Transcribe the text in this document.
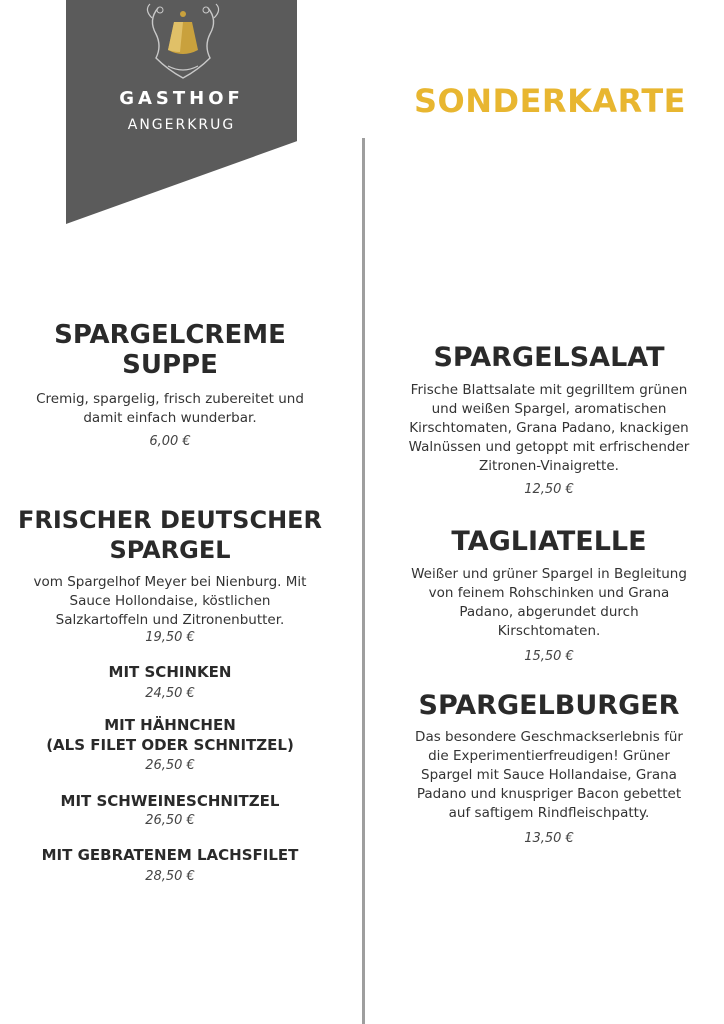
GASTHOF
ANGERKRUG
SONDERKARTE
SPARGELCREME
SUPPE
Cremig, spargelig, frisch zubereitet und
damit einfach wunderbar.
6,00 €
FRISCHER DEUTSCHER
SPARGEL
vom Spargelhof Meyer bei Nienburg. Mit
Sauce Hollondaise, köstlichen
Salzkartoffeln und Zitronenbutter.
19,50 €
MIT SCHINKEN
24,50 €
MIT HÄHNCHEN
(ALS FILET ODER SCHNITZEL)
26,50 €
MIT SCHWEINESCHNITZEL
26,50 €
MIT GEBRATENEM LACHSFILET
28,50 €
SPARGELSALAT
Frische Blattsalate mit gegrilltem grünen
und weißen Spargel, aromatischen
Kirschtomaten, Grana Padano, knackigen
Walnüssen und getoppt mit erfrischender
Zitronen-Vinaigrette.
12,50 €
TAGLIATELLE
Weißer und grüner Spargel in Begleitung
von feinem Rohschinken und Grana
Padano, abgerundet durch
Kirschtomaten.
15,50 €
SPARGELBURGER
Das besondere Geschmackserlebnis für
die Experimentierfreudigen! Grüner
Spargel mit Sauce Hollandaise, Grana
Padano und knuspriger Bacon gebettet
auf saftigem Rindfleischpatty.
13,50 €
